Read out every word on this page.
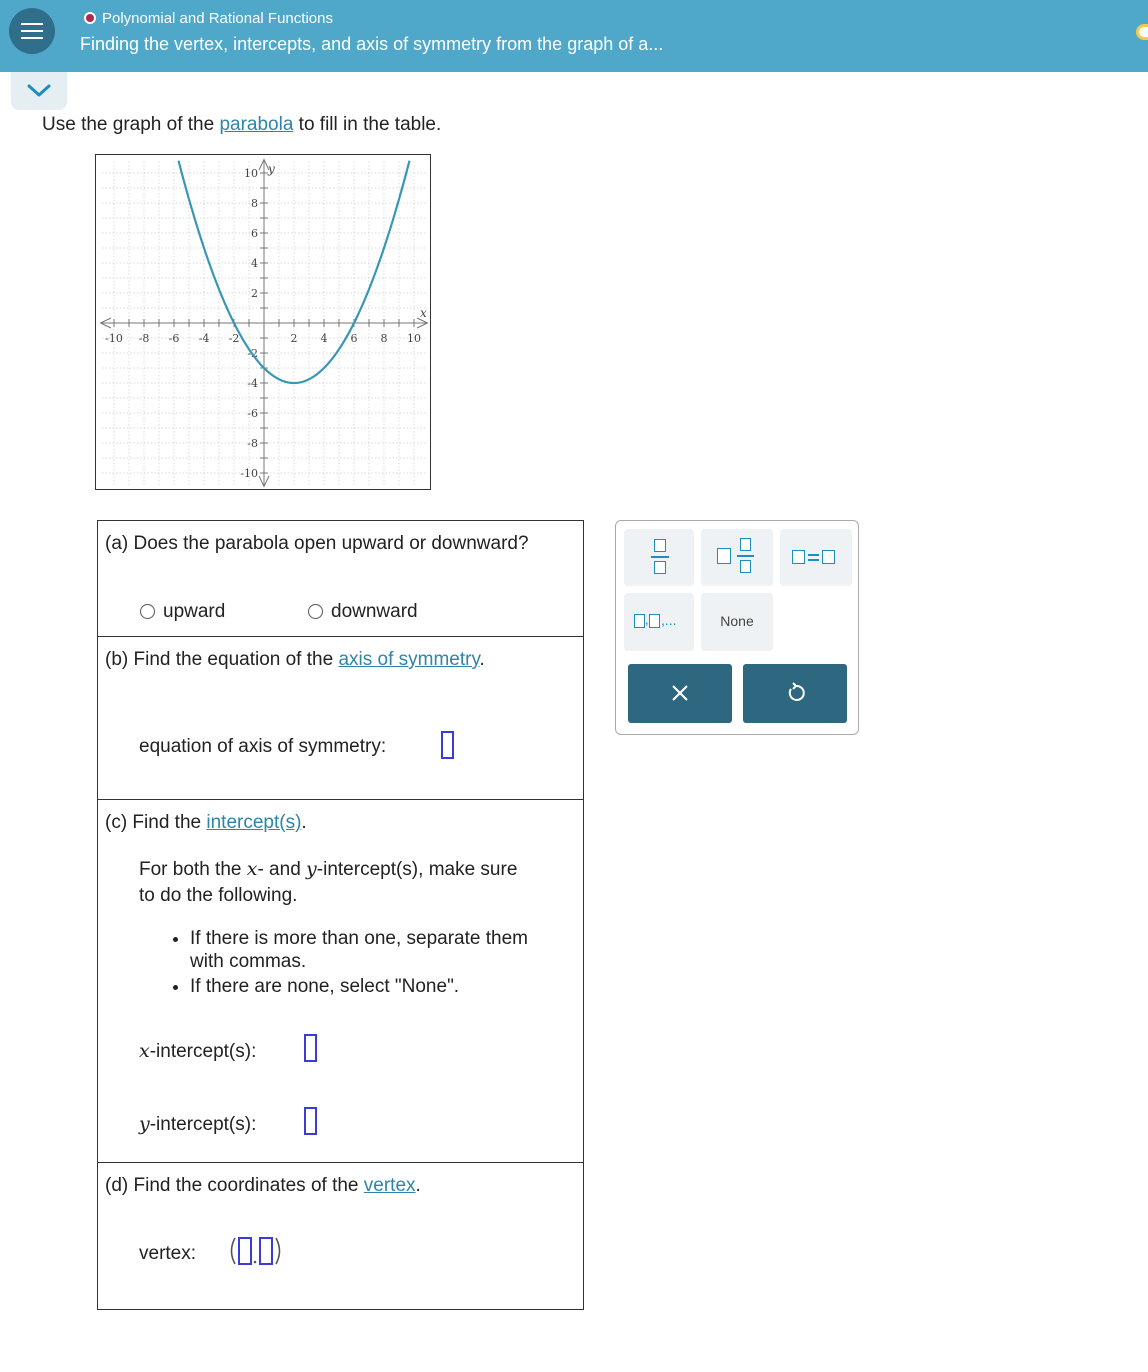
Polynomial and Rational Functions
Finding the vertex, intercepts, and axis of symmetry from the graph of a...
Use the graph of the parabola to fill in the table.
-10 -8 -6 -4 -2	2 4 6 8 10
10
8
6
4
2
-2
-4
-6
-8
-10
x
y
(a) Does the parabola open upward or downward?
upward	downward
(b) Find the equation of the axis of symmetry.
equation of axis of symmetry:
(c) Find the intercept(s).
For both the x- and y-intercept(s), make sure
to do the following.
• If there is more than one, separate them
with commas.
• If there are none, select "None".
x-intercept(s):
y-intercept(s):
(d) Find the coordinates of the vertex.
vertex:
, ,...	None
